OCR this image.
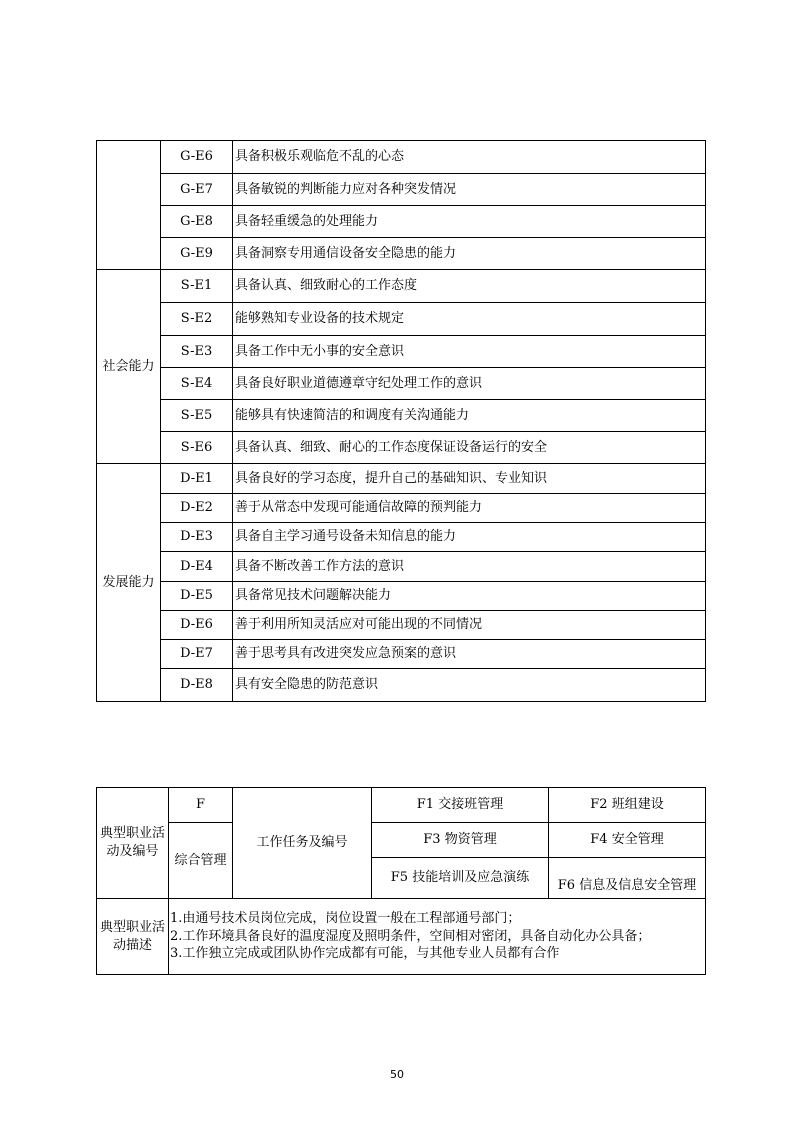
	G-E6	具备积极乐观临危不乱的心态
	G-E7	具备敏锐的判断能力应对各种突发情况
	G-E8	具备轻重缓急的处理能力
	G-E9	具备洞察专用通信设备安全隐患的能力
社会能力	S-E1	具备认真、细致耐心的工作态度
	S-E2	能够熟知专业设备的技术规定
	S-E3	具备工作中无小事的安全意识
	S-E4	具备良好职业道德遵章守纪处理工作的意识
	S-E5	能够具有快速简洁的和调度有关沟通能力
	S-E6	具备认真、细致、耐心的工作态度保证设备运行的安全
发展能力	D-E1	具备良好的学习态度，提升自己的基础知识、专业知识
	D-E2	善于从常态中发现可能通信故障的预判能力
	D-E3	具备自主学习通号设备未知信息的能力
	D-E4	具备不断改善工作方法的意识
	D-E5	具备常见技术问题解决能力
	D-E6	善于利用所知灵活应对可能出现的不同情况
	D-E7	善于思考具有改进突发应急预案的意识
	D-E8	具有安全隐患的防范意识
典型职业活动及编号	F	工作任务及编号	F1 交接班管理	F2 班组建设
	综合管理		F3 物资管理	F4 安全管理
			F5 技能培训及应急演练	F6 信息及信息安全管理
典型职业活动描述	1.由通号技术员岗位完成，岗位设置一般在工程部通号部门；
2.工作环境具备良好的温度湿度及照明条件，空间相对密闭，具备自动化办公具备；
3.工作独立完成或团队协作完成都有可能，与其他专业人员都有合作			
50
